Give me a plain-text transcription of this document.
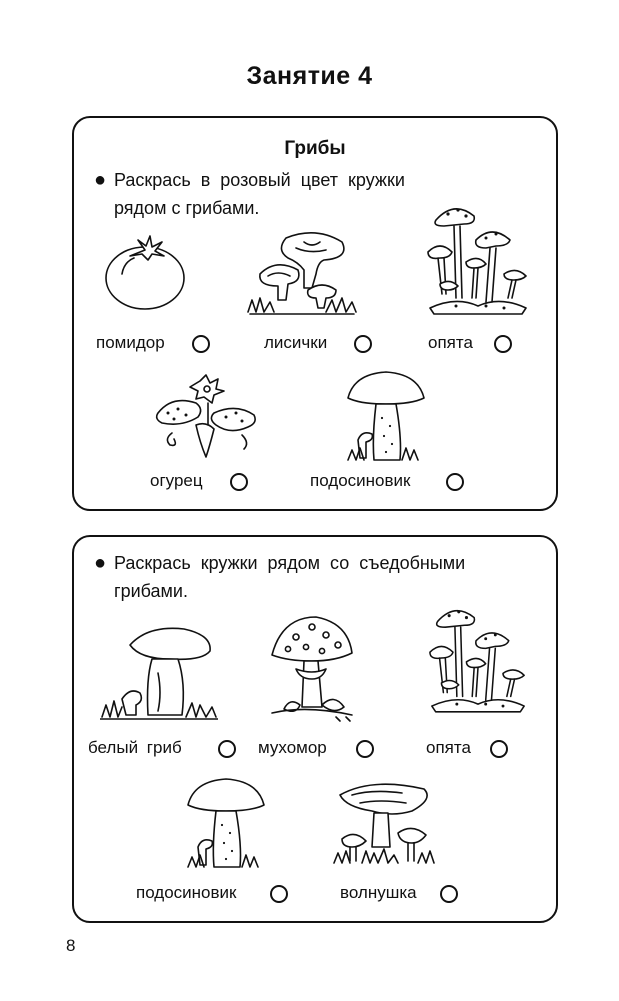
Занятие 4
Грибы
● Раскрась в розовый цвет кружки
рядом с грибами.
помидор	лисички	опята
огурец	подосиновик
● Раскрась кружки рядом со съедобными
грибами.
белый гриб	мухомор	опята
подосиновик	волнушка
8
